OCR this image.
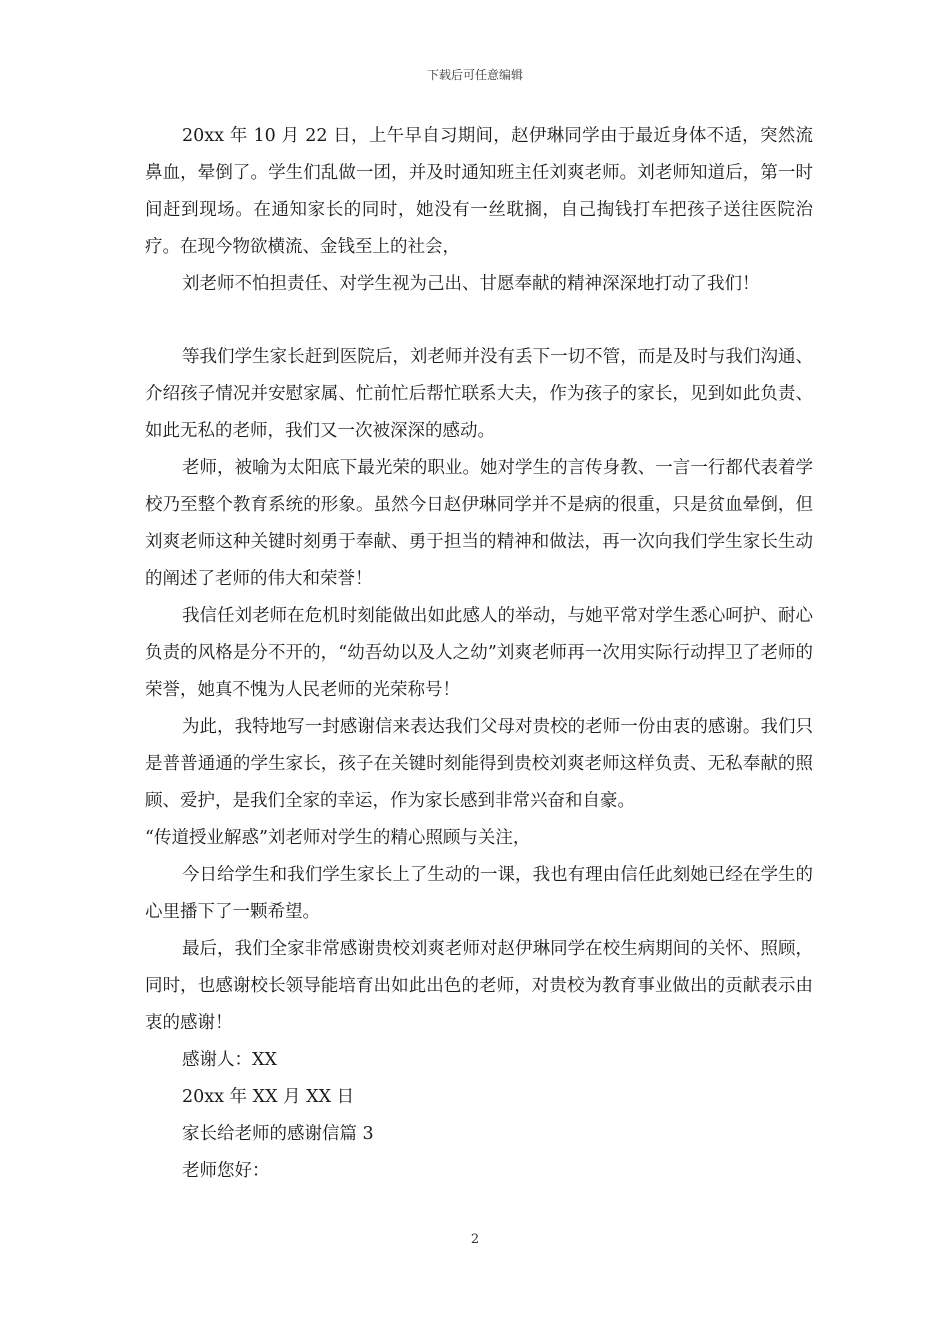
下载后可任意编辑

20xx 年 10 月 22 日，上午早自习期间，赵伊琳同学由于最近身体不适，突然流鼻血，晕倒了。学生们乱做一团，并及时通知班主任刘爽老师。刘老师知道后，第一时间赶到现场。在通知家长的同时，她没有一丝耽搁，自己掏钱打车把孩子送往医院治疗。在现今物欲横流、金钱至上的社会，

刘老师不怕担责任、对学生视为己出、甘愿奉献的精神深深地打动了我们！

等我们学生家长赶到医院后，刘老师并没有丢下一切不管，而是及时与我们沟通、介绍孩子情况并安慰家属、忙前忙后帮忙联系大夫，作为孩子的家长，见到如此负责、如此无私的老师，我们又一次被深深的感动。

老师，被喻为太阳底下最光荣的职业。她对学生的言传身教、一言一行都代表着学校乃至整个教育系统的形象。虽然今日赵伊琳同学并不是病的很重，只是贫血晕倒，但刘爽老师这种关键时刻勇于奉献、勇于担当的精神和做法，再一次向我们学生家长生动的阐述了老师的伟大和荣誉！

我信任刘老师在危机时刻能做出如此感人的举动，与她平常对学生悉心呵护、耐心负责的风格是分不开的，“幼吾幼以及人之幼”刘爽老师再一次用实际行动捍卫了老师的荣誉，她真不愧为人民老师的光荣称号！

为此，我特地写一封感谢信来表达我们父母对贵校的老师一份由衷的感谢。我们只是普普通通的学生家长，孩子在关键时刻能得到贵校刘爽老师这样负责、无私奉献的照顾、爱护，是我们全家的幸运，作为家长感到非常兴奋和自豪。

“传道授业解惑”刘老师对学生的精心照顾与关注，

今日给学生和我们学生家长上了生动的一课，我也有理由信任此刻她已经在学生的心里播下了一颗希望。

最后，我们全家非常感谢贵校刘爽老师对赵伊琳同学在校生病期间的关怀、照顾，同时，也感谢校长领导能培育出如此出色的老师，对贵校为教育事业做出的贡献表示由衷的感谢！

感谢人：XX

20xx 年 XX 月 XX 日

家长给老师的感谢信篇 3

老师您好：

2
